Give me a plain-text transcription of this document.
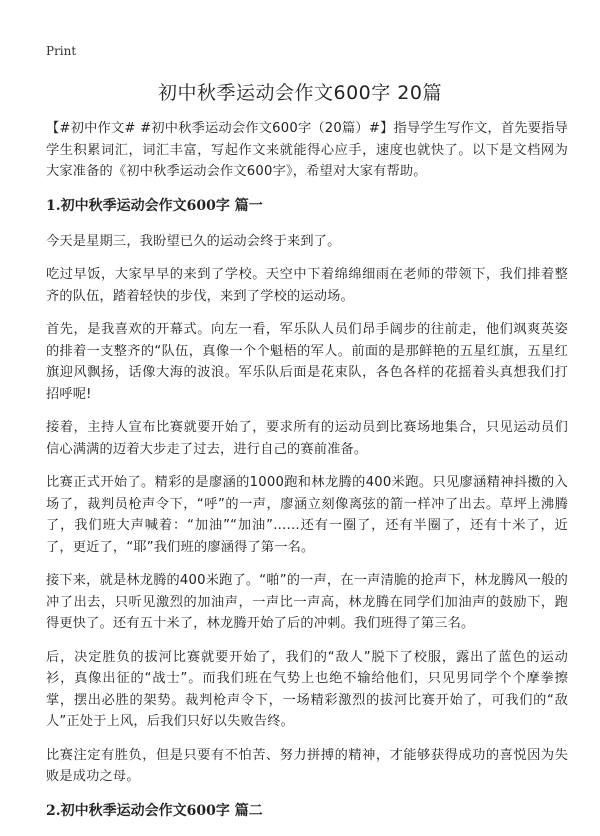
Print
初中秋季运动会作文600字 20篇

【#初中作文# #初中秋季运动会作文600字（20篇）#】指导学生写作文，首先要指导学生积累词汇，词汇丰富，写起作文来就能得心应手，速度也就快了。以下是文档网为大家准备的《初中秋季运动会作文600字》，希望对大家有帮助。

1.初中秋季运动会作文600字 篇一

今天是星期三，我盼望已久的运动会终于来到了。

吃过早饭，大家早早的来到了学校。天空中下着绵绵细雨在老师的带领下，我们排着整齐的队伍，踏着轻快的步伐，来到了学校的运动场。

首先，是我喜欢的开幕式。向左一看，军乐队人员们昂手阔步的往前走，他们飒爽英姿的排着一支整齐的“队伍，真像一个个魁梧的军人。前面的是那鲜艳的五星红旗，五星红旗迎风飘扬，话像大海的波浪。军乐队后面是花束队，各色各样的花摇着头真想我们打招呼呢!

接着，主持人宣布比赛就要开始了，要求所有的运动员到比赛场地集合，只见运动员们信心满满的迈着大步走了过去，进行自己的赛前准备。

比赛正式开始了。精彩的是廖涵的1000跑和林龙腾的400米跑。只见廖涵精神抖擞的入场了，裁判员枪声令下，“呼”的一声，廖涵立刻像离弦的箭一样冲了出去。草坪上沸腾了，我们班大声喊着：“加油”“加油”……还有一圈了，还有半圈了，还有十米了，近了，更近了，“耶”我们班的廖涵得了第一名。

接下来，就是林龙腾的400米跑了。“啪”的一声，在一声清脆的抢声下，林龙腾风一般的冲了出去，只听见激烈的加油声，一声比一声高，林龙腾在同学们加油声的鼓励下，跑得更快了。还有五十米了，林龙腾开始了后的冲刺。我们班得了第三名。

后，决定胜负的拔河比赛就要开始了，我们的“敌人”脱下了校服，露出了蓝色的运动衫，真像出征的“战士”。而我们班在气势上也绝不输给他们，只见男同学个个摩拳擦掌，摆出必胜的架势。裁判枪声令下，一场精彩激烈的拔河比赛开始了，可我们的“敌人”正处于上风，后我们只好以失败告终。

比赛注定有胜负，但是只要有不怕苦、努力拼搏的精神，才能够获得成功的喜悦因为失败是成功之母。

2.初中秋季运动会作文600字 篇二
